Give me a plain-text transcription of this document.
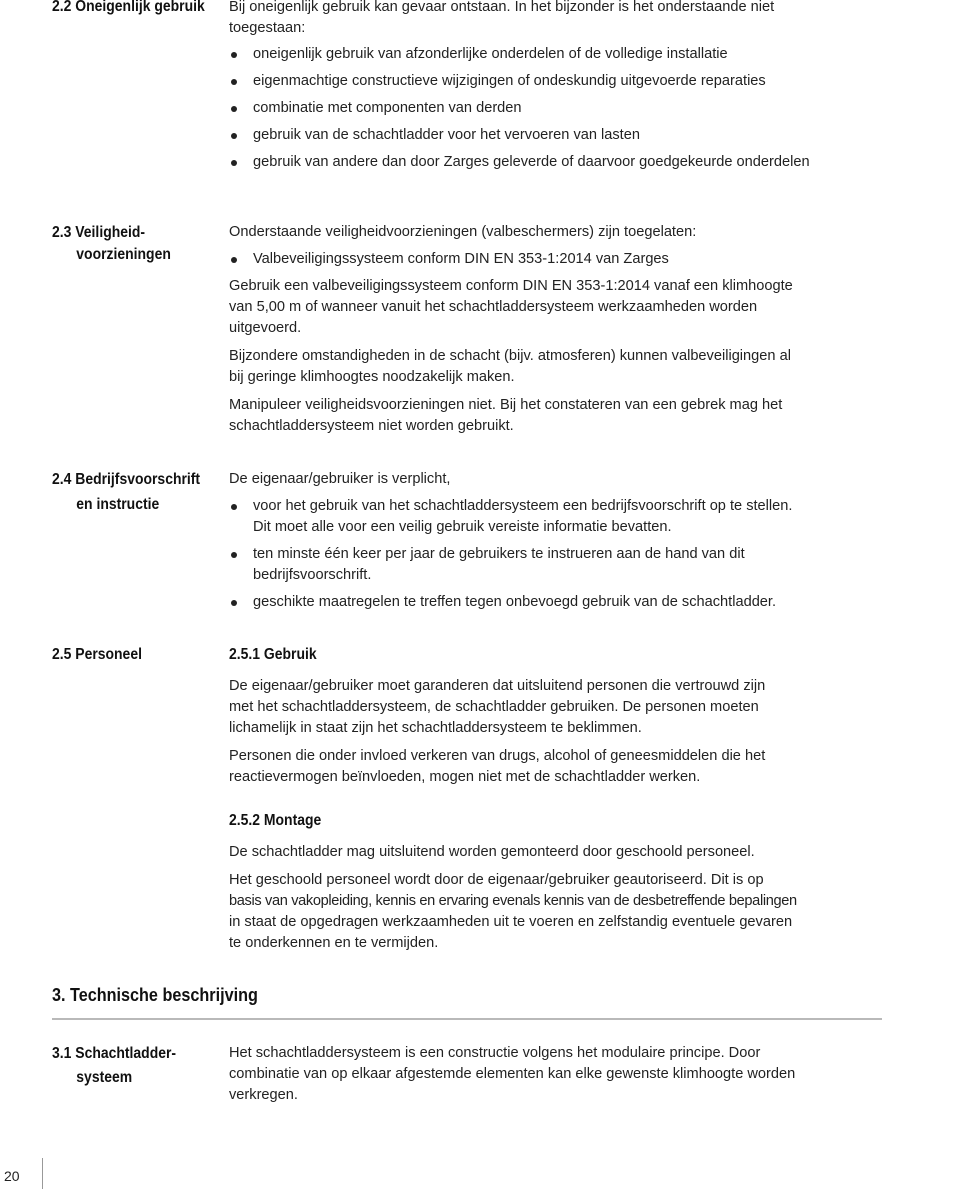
2.2 Oneigenlijk gebruik Bij oneigenlijk gebruik kan gevaar ontstaan. In het bijzonder is het onderstaande niet
toegestaan:
oneigenlijk gebruik van afzonderlijke onderdelen of de volledige installatie
eigenmachtige constructieve wijzigingen of ondeskundig uitgevoerde reparaties
combinatie met componenten van derden
gebruik van de schachtladder voor het vervoeren van lasten
gebruik van andere dan door Zarges geleverde of daarvoor goedgekeurde onderdelen
2.3 Veiligheid-
voorzieningen
Onderstaande veiligheidvoorzieningen (valbeschermers) zijn toegelaten:
Valbeveiligingssysteem conform DIN EN 353-1:2014 van Zarges
Gebruik een valbeveiligingssysteem conform DIN EN 353-1:2014 vanaf een klimhoogte
van 5,00 m of wanneer vanuit het schachtladdersysteem werkzaamheden worden
uitgevoerd.
Bijzondere omstandigheden in de schacht (bijv. atmosferen) kunnen valbeveiligingen al
bij geringe klimhoogtes noodzakelijk maken.
Manipuleer veiligheidsvoorzieningen niet. Bij het constateren van een gebrek mag het
schachtladdersysteem niet worden gebruikt.
2.4 Bedrijfsvoorschrift
en instructie
De eigenaar/gebruiker is verplicht,
voor het gebruik van het schachtladdersysteem een bedrijfsvoorschrift op te stellen.
Dit moet alle voor een veilig gebruik vereiste informatie bevatten.
ten minste één keer per jaar de gebruikers te instrueren aan de hand van dit
bedrijfsvoorschrift.
geschikte maatregelen te treffen tegen onbevoegd gebruik van de schachtladder.
2.5 Personeel	2.5.1 Gebruik
De eigenaar/gebruiker moet garanderen dat uitsluitend personen die vertrouwd zijn
met het schachtladdersysteem, de schachtladder gebruiken. De personen moeten
lichamelijk in staat zijn het schachtladdersysteem te beklimmen.
Personen die onder invloed verkeren van drugs, alcohol of geneesmiddelen die het
reactievermogen beïnvloeden, mogen niet met de schachtladder werken.
2.5.2 Montage
De schachtladder mag uitsluitend worden gemonteerd door geschoold personeel.
Het geschoold personeel wordt door de eigenaar/gebruiker geautoriseerd. Dit is op
basis van vakopleiding, kennis en ervaring evenals kennis van de desbetreffende bepalingen
in staat de opgedragen werkzaamheden uit te voeren en zelfstandig eventuele gevaren
te onderkennen en te vermijden.
3. Technische beschrijving
3.1 Schachtladder-
systeem
Het schachtladdersysteem is een constructie volgens het modulaire principe. Door
combinatie van op elkaar afgestemde elementen kan elke gewenste klimhoogte worden
verkregen.
20
